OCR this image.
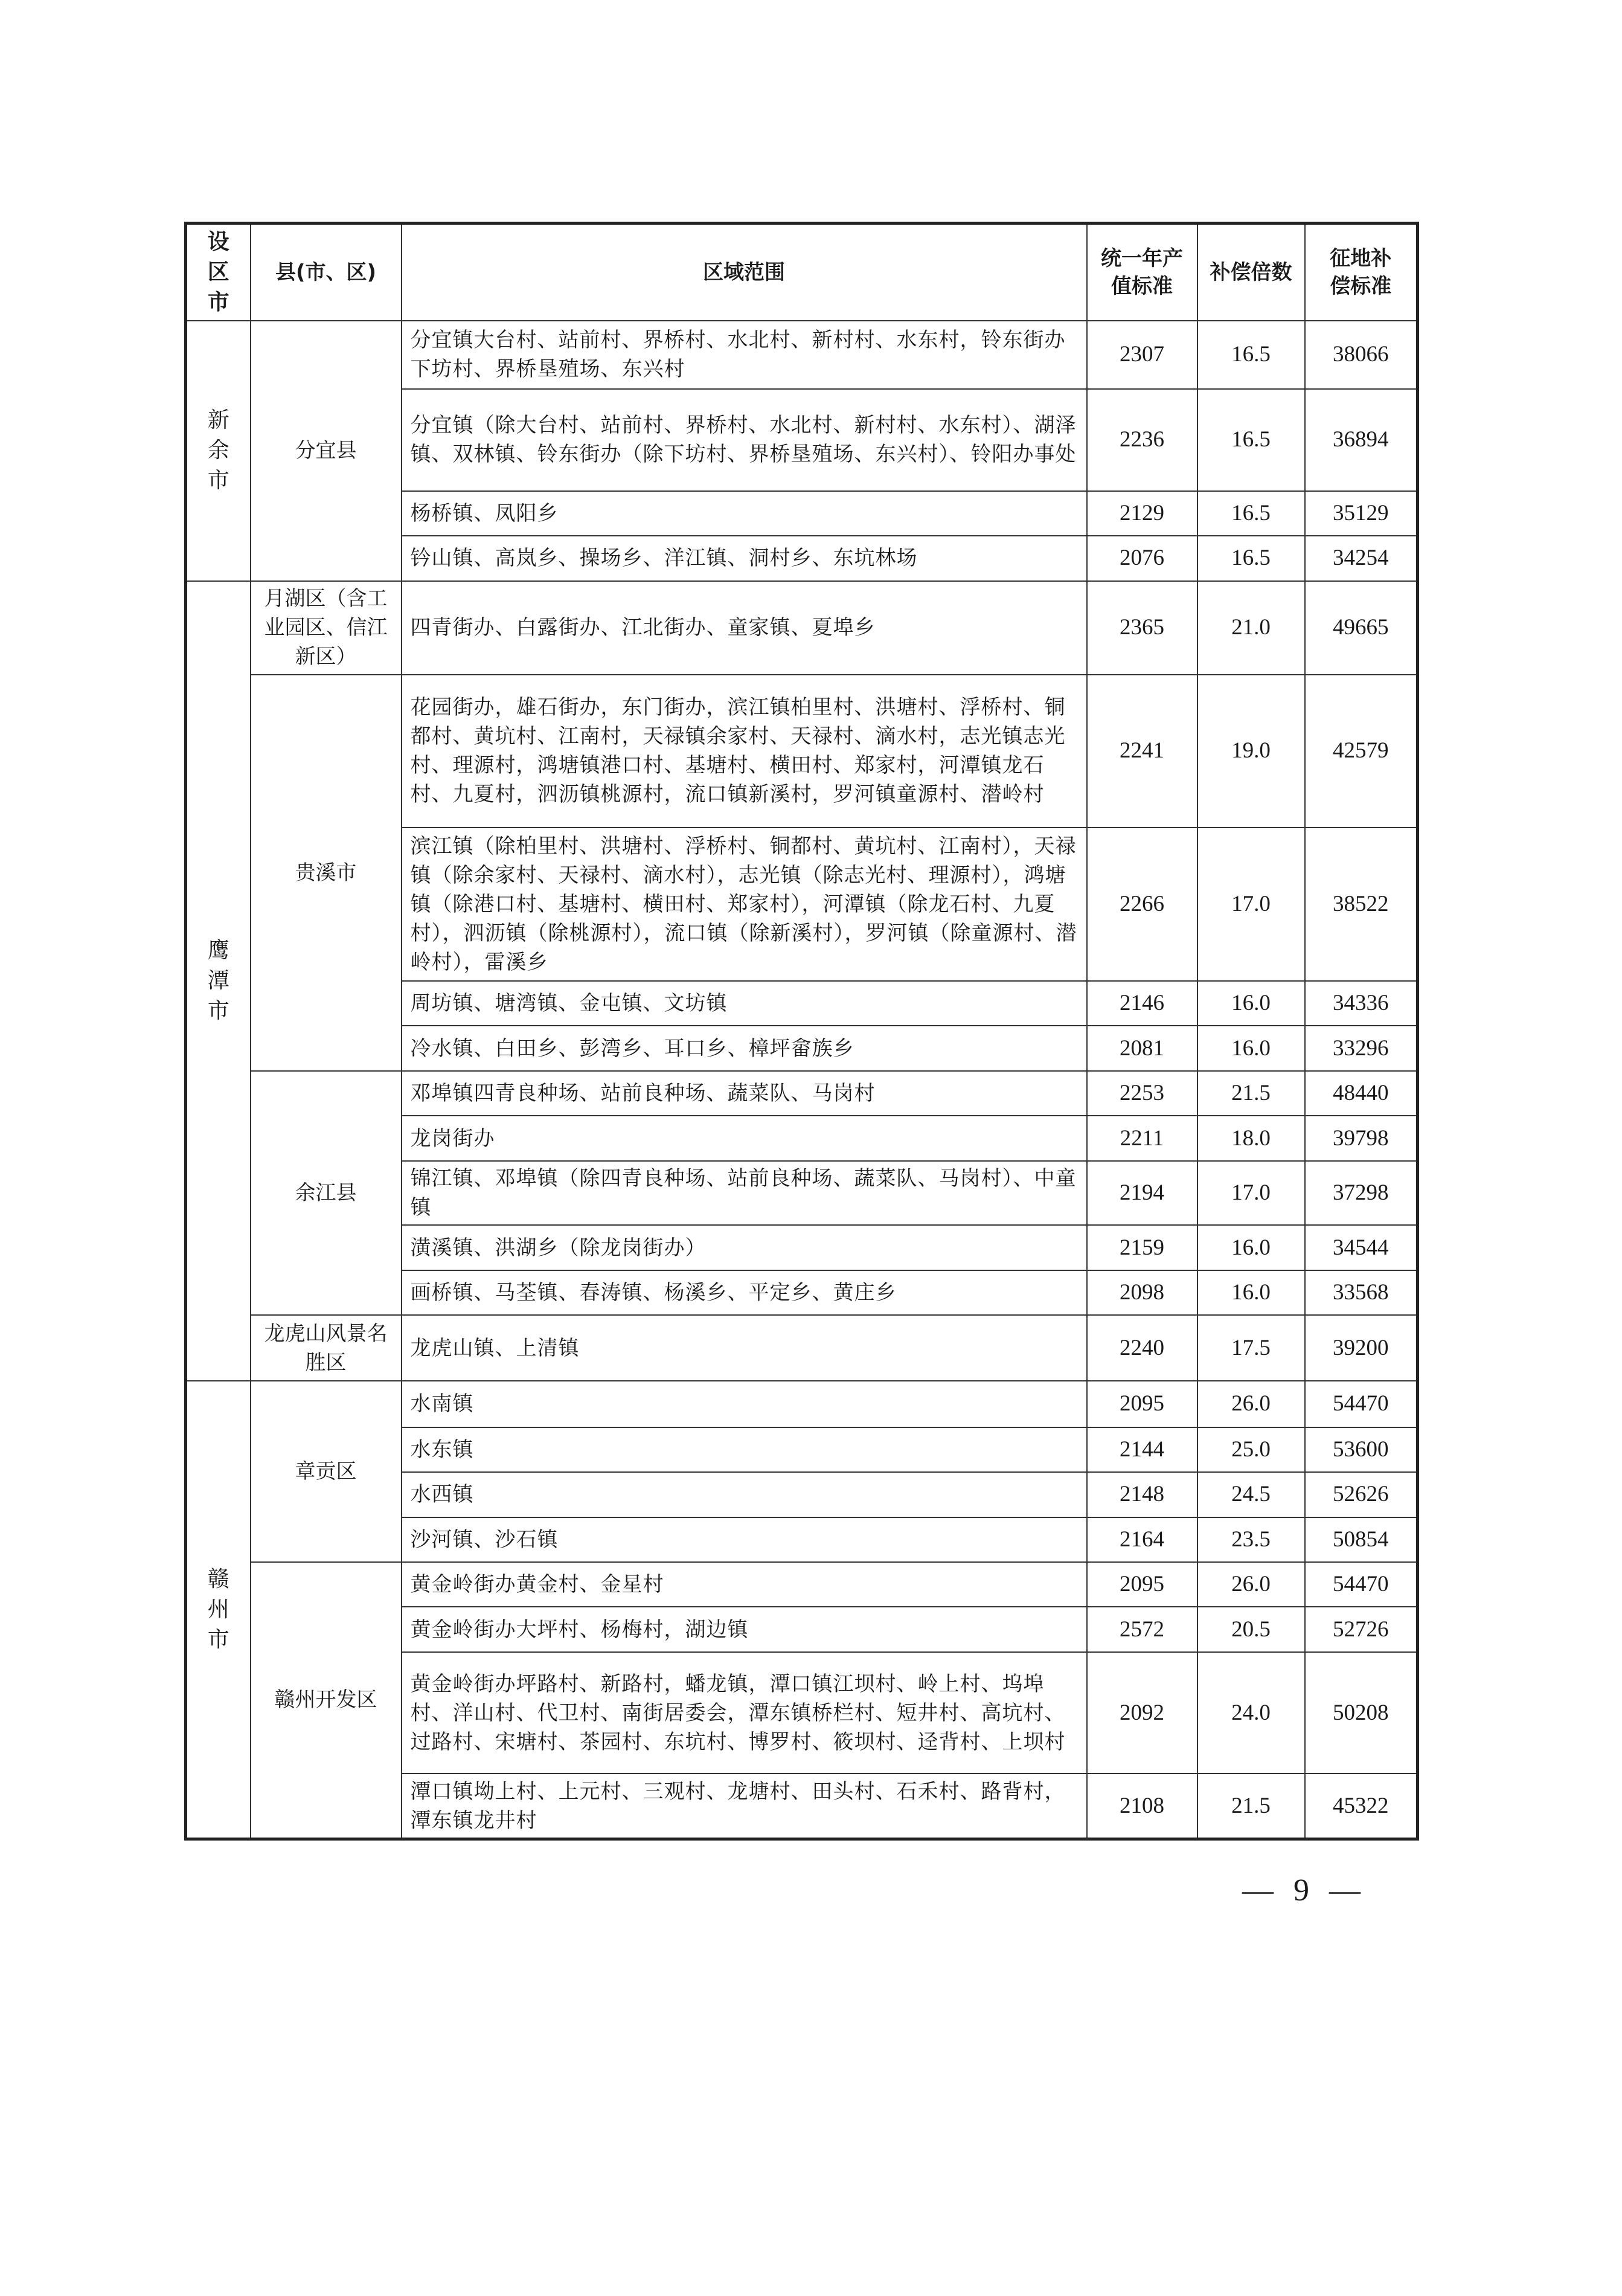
设区市	县(市、区)	区域范围	统一年产值标准	补偿倍数	征地补偿标准
新余市	分宜县	分宜镇大台村、站前村、界桥村、水北村、新村村、水东村，铃东街办下坊村、界桥垦殖场、东兴村	2307	16.5	38066
		分宜镇（除大台村、站前村、界桥村、水北村、新村村、水东村）、湖泽镇、双林镇、铃东街办（除下坊村、界桥垦殖场、东兴村）、铃阳办事处	2236	16.5	36894
		杨桥镇、凤阳乡	2129	16.5	35129
		钤山镇、高岚乡、操场乡、洋江镇、洞村乡、东坑林场	2076	16.5	34254
鹰潭市	月湖区（含工业园区、信江新区）	四青街办、白露街办、江北街办、童家镇、夏埠乡	2365	21.0	49665
	贵溪市	花园街办，雄石街办，东门街办，滨江镇柏里村、洪塘村、浮桥村、铜都村、黄坑村、江南村，天禄镇余家村、天禄村、滴水村，志光镇志光村、理源村，鸿塘镇港口村、基塘村、横田村、郑家村，河潭镇龙石村、九夏村，泗沥镇桃源村，流口镇新溪村，罗河镇童源村、潜岭村	2241	19.0	42579
		滨江镇（除柏里村、洪塘村、浮桥村、铜都村、黄坑村、江南村），天禄镇（除余家村、天禄村、滴水村），志光镇（除志光村、理源村），鸿塘镇（除港口村、基塘村、横田村、郑家村），河潭镇（除龙石村、九夏村），泗沥镇（除桃源村），流口镇（除新溪村），罗河镇（除童源村、潜岭村），雷溪乡	2266	17.0	38522
		周坊镇、塘湾镇、金屯镇、文坊镇	2146	16.0	34336
		冷水镇、白田乡、彭湾乡、耳口乡、樟坪畲族乡	2081	16.0	33296
	余江县	邓埠镇四青良种场、站前良种场、蔬菜队、马岗村	2253	21.5	48440
		龙岗街办	2211	18.0	39798
		锦江镇、邓埠镇（除四青良种场、站前良种场、蔬菜队、马岗村）、中童镇	2194	17.0	37298
		潢溪镇、洪湖乡（除龙岗街办）	2159	16.0	34544
		画桥镇、马荃镇、春涛镇、杨溪乡、平定乡、黄庄乡	2098	16.0	33568
	龙虎山风景名胜区	龙虎山镇、上清镇	2240	17.5	39200
赣州市	章贡区	水南镇	2095	26.0	54470
		水东镇	2144	25.0	53600
		水西镇	2148	24.5	52626
		沙河镇、沙石镇	2164	23.5	50854
	赣州开发区	黄金岭街办黄金村、金星村	2095	26.0	54470
		黄金岭街办大坪村、杨梅村，湖边镇	2572	20.5	52726
		黄金岭街办坪路村、新路村，蟠龙镇，潭口镇江坝村、岭上村、坞埠村、洋山村、代卫村、南街居委会，潭东镇桥栏村、短井村、高坑村、过路村、宋塘村、茶园村、东坑村、博罗村、筱坝村、迳背村、上坝村	2092	24.0	50208
		潭口镇坳上村、上元村、三观村、龙塘村、田头村、石禾村、路背村，潭东镇龙井村	2108	21.5	45322
— 9 —
